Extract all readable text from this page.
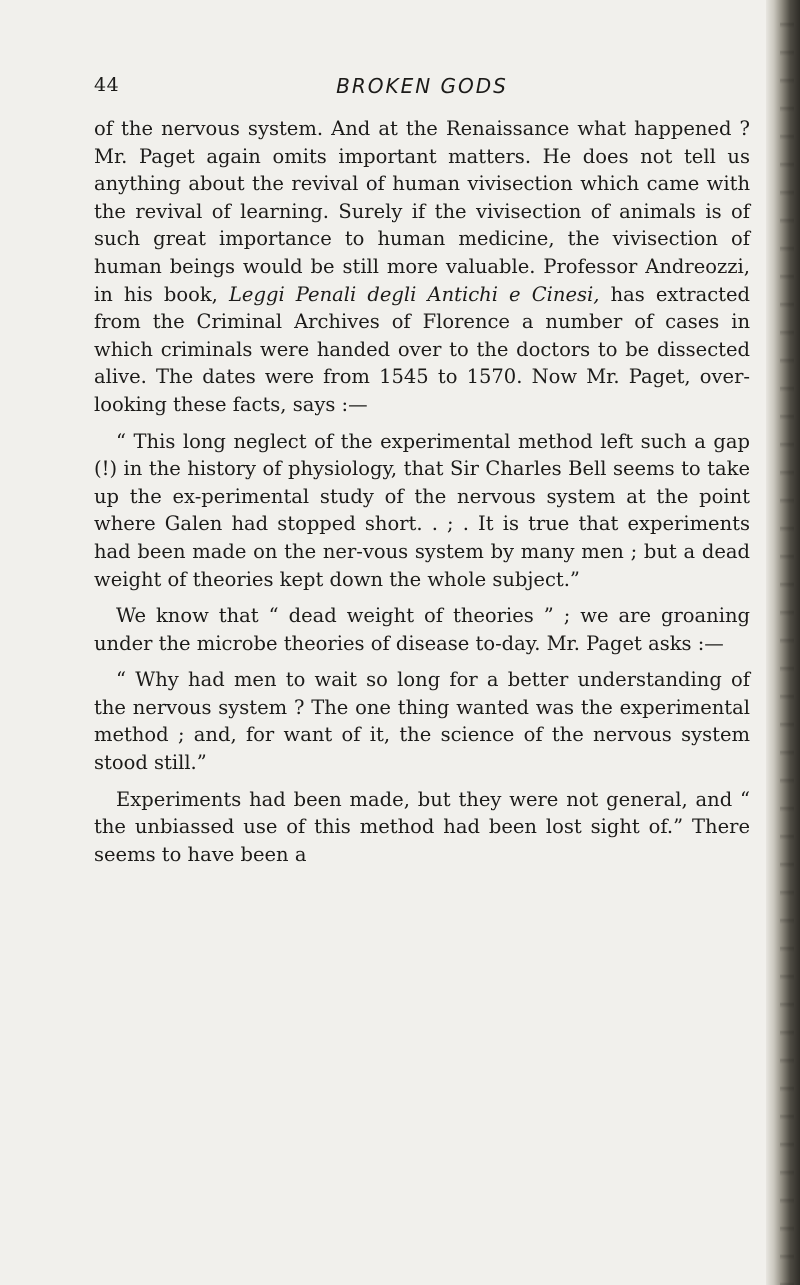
44	BROKEN GODS

of the nervous system. And at the Renaissance what happened ? Mr. Paget again omits important matters. He does not tell us anything about the revival of human vivisection which came with the revival of learning. Surely if the vivisection of animals is of such great importance to human medicine, the vivisection of human beings would be still more valuable. Professor Andreozzi, in his book, Leggi Penali degli Antichi e Cinesi, has extracted from the Criminal Archives of Florence a number of cases in which criminals were handed over to the doctors to be dissected alive. The dates were from 1545 to 1570. Now Mr. Paget, over-looking these facts, says :—

“ This long neglect of the experimental method left such a gap (!) in the history of physiology, that Sir Charles Bell seems to take up the ex-perimental study of the nervous system at the point where Galen had stopped short. . ; . It is true that experiments had been made on the ner-vous system by many men ; but a dead weight of theories kept down the whole subject.”

We know that “ dead weight of theories ” ; we are groaning under the microbe theories of disease to-day. Mr. Paget asks :—

“ Why had men to wait so long for a better understanding of the nervous system ? The one thing wanted was the experimental method ; and, for want of it, the science of the nervous system stood still.”

Experiments had been made, but they were not general, and “ the unbiassed use of this method had been lost sight of.” There seems to have been a
